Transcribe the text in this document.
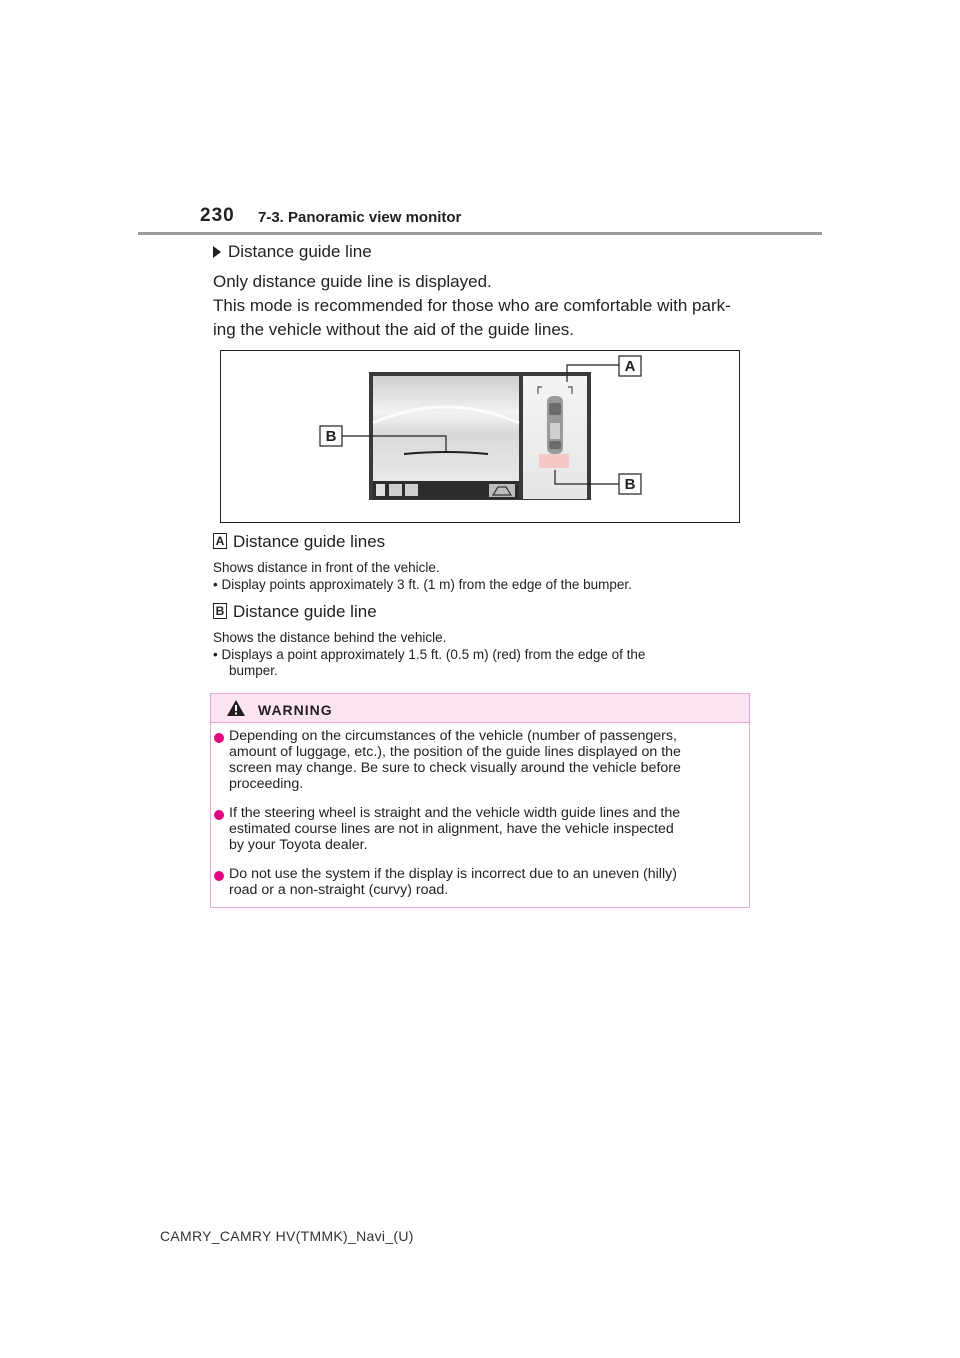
230 7-3. Panoramic view monitor
Distance guide line
Only distance guide line is displayed.
This mode is recommended for those who are comfortable with park-
ing the vehicle without the aid of the guide lines.
A
B
B
A Distance guide lines
Shows distance in front of the vehicle.
• Display points approximately 3 ft. (1 m) from the edge of the bumper.
B Distance guide line
Shows the distance behind the vehicle.
• Displays a point approximately 1.5 ft. (0.5 m) (red) from the edge of the
bumper.
WARNING
Depending on the circumstances of the vehicle (number of passengers,
amount of luggage, etc.), the position of the guide lines displayed on the
screen may change. Be sure to check visually around the vehicle before
proceeding.
If the steering wheel is straight and the vehicle width guide lines and the
estimated course lines are not in alignment, have the vehicle inspected
by your Toyota dealer.
Do not use the system if the display is incorrect due to an uneven (hilly)
road or a non-straight (curvy) road.
CAMRY_CAMRY HV(TMMK)_Navi_(U)
